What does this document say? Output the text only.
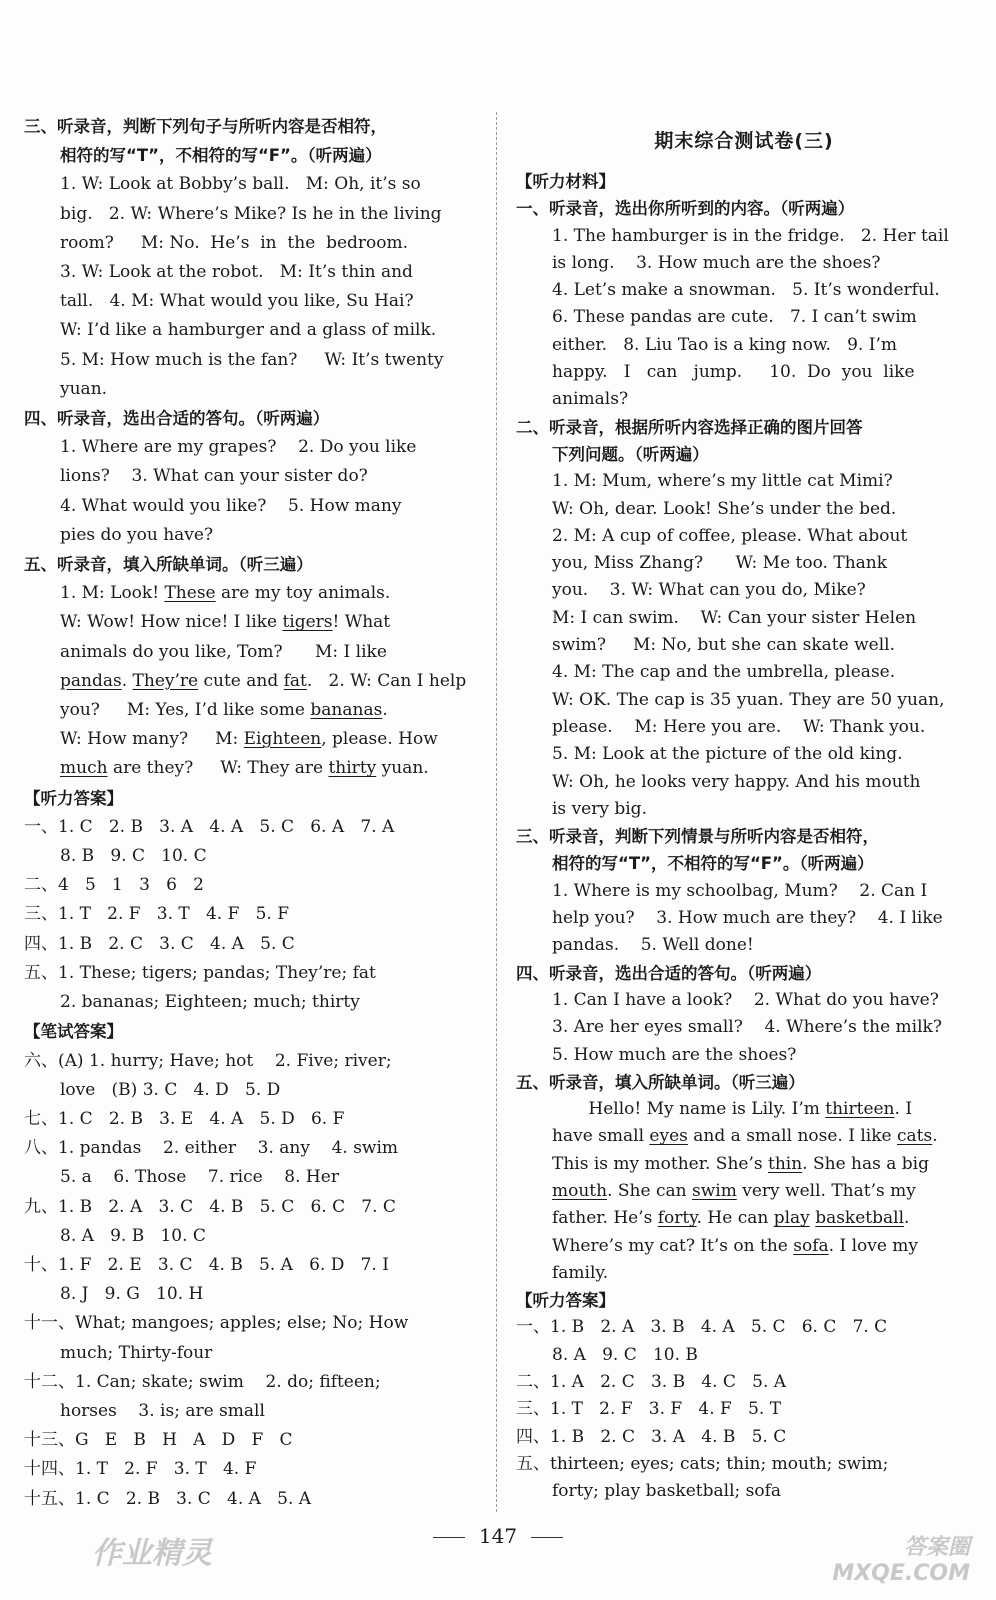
三、听录音，判断下列句子与所听内容是否相符，
相符的写“T”，不相符的写“F”。（听两遍）
1. W: Look at Bobby’s ball.   M: Oh, it’s so
big.   2. W: Where’s Mike? Is he in the living
room?     M: No.  He’s  in  the  bedroom.
3. W: Look at the robot.   M: It’s thin and
tall.   4. M: What would you like, Su Hai?
W: I’d like a hamburger and a glass of milk.
5. M: How much is the fan?     W: It’s twenty
yuan.
四、听录音，选出合适的答句。（听两遍）
1. Where are my grapes?    2. Do you like
lions?    3. What can your sister do?
4. What would you like?    5. How many
pies do you have?
五、听录音，填入所缺单词。（听三遍）
1. M: Look! These are my toy animals.
W: Wow! How nice! I like tigers! What
animals do you like, Tom?      M: I like
pandas. They’re cute and fat.   2. W: Can I help
you?     M: Yes, I’d like some bananas.
W: How many?     M: Eighteen, please. How
much are they?     W: They are thirty yuan.
【听力答案】
一、1. C   2. B   3. A   4. A   5. C   6. A   7. A
8. B   9. C   10. C
二、4   5   1   3   6   2
三、1. T   2. F   3. T   4. F   5. F
四、1. B   2. C   3. C   4. A   5. C
五、1. These; tigers; pandas; They’re; fat
2. bananas; Eighteen; much; thirty
【笔试答案】
六、(A) 1. hurry; Have; hot    2. Five; river;
love   (B) 3. C   4. D   5. D
七、1. C   2. B   3. E   4. A   5. D   6. F
八、1. pandas    2. either    3. any    4. swim
5. a    6. Those    7. rice    8. Her
九、1. B   2. A   3. C   4. B   5. C   6. C   7. C
8. A   9. B   10. C
十、1. F   2. E   3. C   4. B   5. A   6. D   7. I
8. J   9. G   10. H
十一、What; mangoes; apples; else; No; How
much; Thirty-four
十二、1. Can; skate; swim    2. do; fifteen;
horses    3. is; are small
十三、G   E   B   H   A   D   F   C
十四、1. T   2. F   3. T   4. F
十五、1. C   2. B   3. C   4. A   5. A
期末综合测试卷(三)
【听力材料】
一、听录音，选出你所听到的内容。（听两遍）
1. The hamburger is in the fridge.   2. Her tail
is long.    3. How much are the shoes?
4. Let’s make a snowman.   5. It’s wonderful.
6. These pandas are cute.   7. I can’t swim
either.   8. Liu Tao is a king now.   9. I’m
happy.   I   can   jump.     10.  Do  you  like
animals?
二、听录音，根据所听内容选择正确的图片回答
下列问题。（听两遍）
1. M: Mum, where’s my little cat Mimi?
W: Oh, dear. Look! She’s under the bed.
2. M: A cup of coffee, please. What about
you, Miss Zhang?      W: Me too. Thank
you.    3. W: What can you do, Mike?
M: I can swim.    W: Can your sister Helen
swim?     M: No, but she can skate well.
4. M: The cap and the umbrella, please.
W: OK. The cap is 35 yuan. They are 50 yuan,
please.    M: Here you are.    W: Thank you.
5. M: Look at the picture of the old king.
W: Oh, he looks very happy. And his mouth
is very big.
三、听录音，判断下列情景与所听内容是否相符，
相符的写“T”，不相符的写“F”。（听两遍）
1. Where is my schoolbag, Mum?    2. Can I
help you?    3. How much are they?    4. I like
pandas.    5. Well done!
四、听录音，选出合适的答句。（听两遍）
1. Can I have a look?    2. What do you have?
3. Are her eyes small?    4. Where’s the milk?
5. How much are the shoes?
五、听录音，填入所缺单词。（听三遍）
Hello! My name is Lily. I’m thirteen. I
have small eyes and a small nose. I like cats.
This is my mother. She’s thin. She has a big
mouth. She can swim very well. That’s my
father. He’s forty. He can play basketball.
Where’s my cat? It’s on the sofa. I love my
family.
【听力答案】
一、1. B   2. A   3. B   4. A   5. C   6. C   7. C
8. A   9. C   10. B
二、1. A   2. C   3. B   4. C   5. A
三、1. T   2. F   3. F   4. F   5. T
四、1. B   2. C   3. A   4. B   5. C
五、thirteen; eyes; cats; thin; mouth; swim;
forty; play basketball; sofa
147
作业精灵	答案圈 MXQE.COM
